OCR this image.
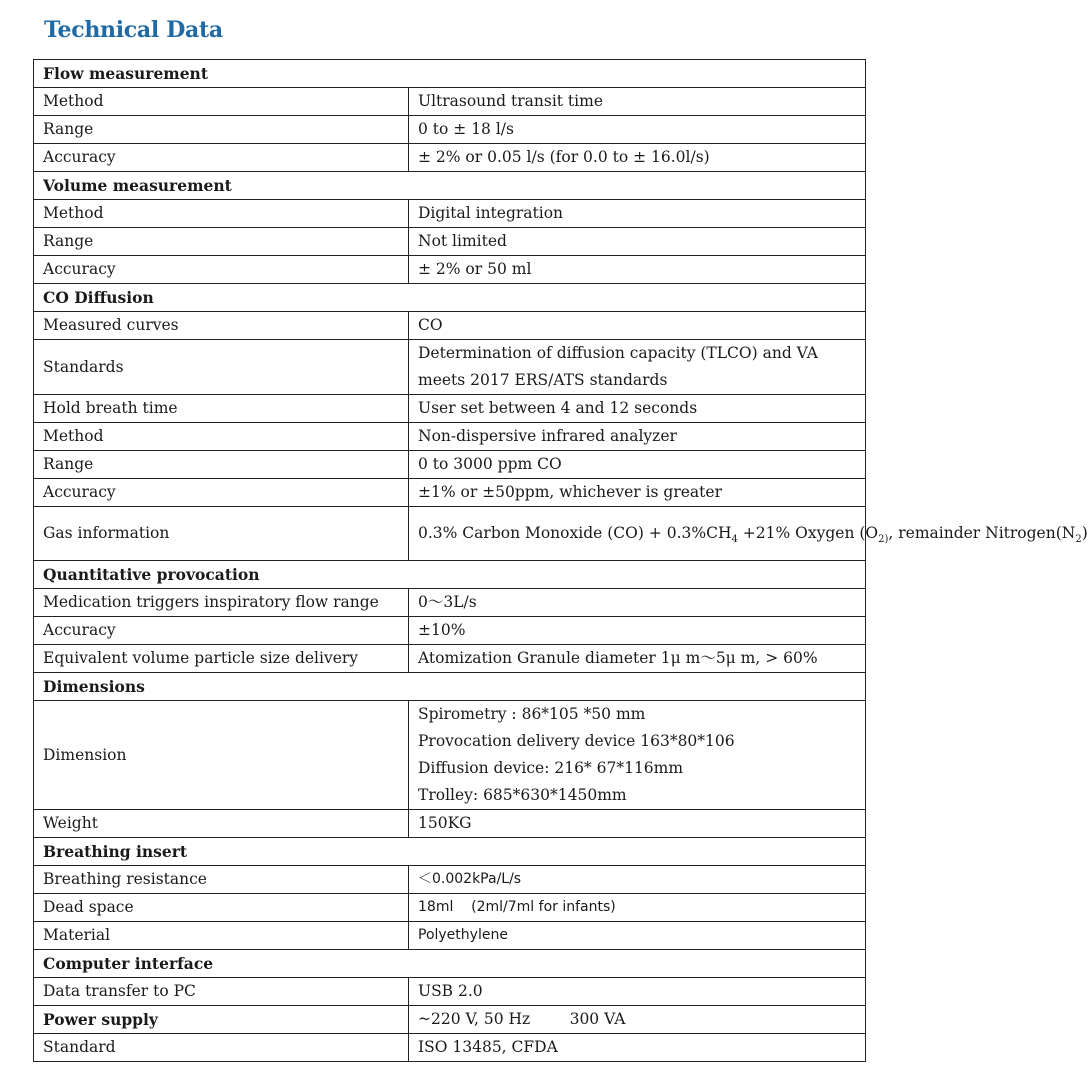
Technical Data
Flow measurement	
Method	Ultrasound transit time
Range	0 to ± 18 l/s
Accuracy	± 2% or 0.05 l/s (for 0.0 to ± 16.0l/s)
Volume measurement	
Method	Digital integration
Range	Not limited
Accuracy	± 2% or 50 ml
CO Diffusion	
Measured curves	CO
Standards	Determination of diffusion capacity (TLCO) and VA
meets 2017 ERS/ATS standards

Hold breath time	User set between 4 and 12 seconds
Method	Non-dispersive infrared analyzer
Range	0 to 3000 ppm CO
Accuracy	±1% or ±50ppm, whichever is greater
Gas information	0.3% Carbon Monoxide $(CO) + 0.3\%CH_4 +21\%$ Oxygen ($O_{2)}$, remainder $Nitrogen(N_2)$
Quantitative provocation	
Medication triggers inspiratory flow range	0～3L/s
Accuracy	±10%
Equivalent volume particle size delivery	Atomization Granule diameter 1μ m～5μ m, > 60%
Dimensions	
Dimension	Spirometry : 86*105 *50 mm
Provocation delivery device 163*80*106
Diffusion device: 216* 67*116mm
Trolley: 685*630*1450mm

Weight	150KG
Breathing insert	
Breathing resistance	＜0.002kPa/L/s
Dead space	18ml    (2ml/7ml for infants)
Material	Polyethylene
Computer interface	
Data transfer to PC	USB 2.0
Power supply	~220 V, 50 Hz        300 VA
Standard	ISO 13485, CFDA
